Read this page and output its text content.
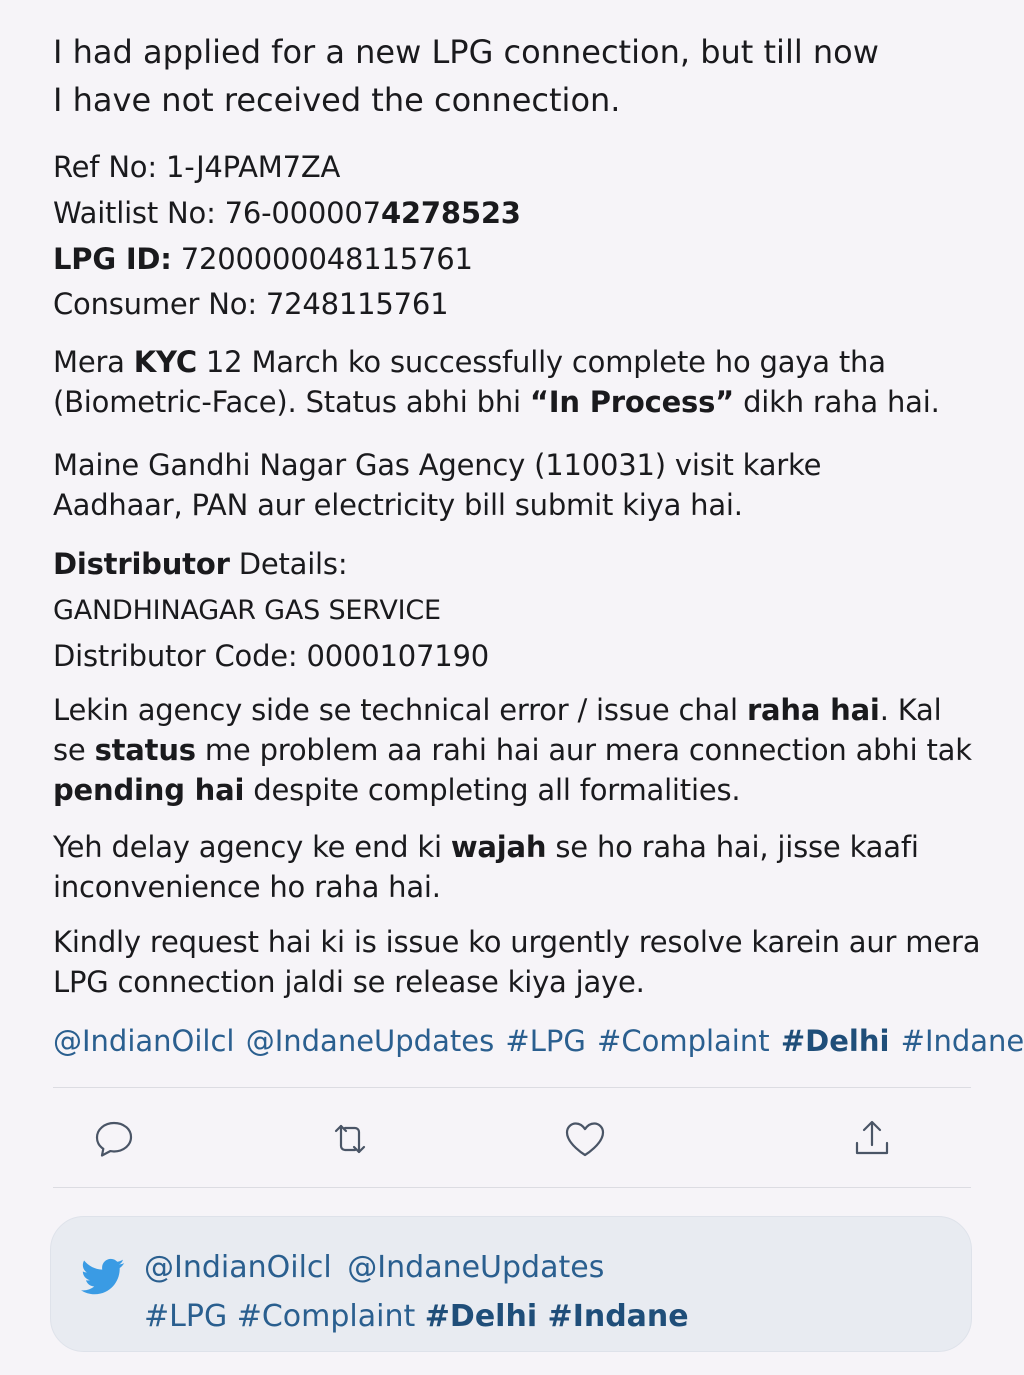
I had applied for a new LPG connection, but till now
I have not received the connection.
Ref No: 1-J4PAM7ZA
Waitlist No: 76-0000074278523
LPG ID: 7200000048115761
Consumer No: 7248115761
Mera KYC 12 March ko successfully complete ho gaya tha
(Biometric-Face). Status abhi bhi “In Process” dikh raha hai.
Maine Gandhi Nagar Gas Agency (110031) visit karke
Aadhaar, PAN aur electricity bill submit kiya hai.
Distributor Details:
GANDHINAGAR GAS SERVICE
Distributor Code: 0000107190
Lekin agency side se technical error / issue chal raha hai. Kal
se status me problem aa rahi hai aur mera connection abhi tak
pending hai despite completing all formalities.
Yeh delay agency ke end ki wajah se ho raha hai, jisse kaafi
inconvenience ho raha hai.
Kindly request hai ki is issue ko urgently resolve karein aur mera
LPG connection jaldi se release kiya jaye.
@IndianOilcl @IndaneUpdates #LPG #Complaint #Delhi #Indane
@IndianOilcl @IndaneUpdates
#LPG #Complaint #Delhi #Indane
